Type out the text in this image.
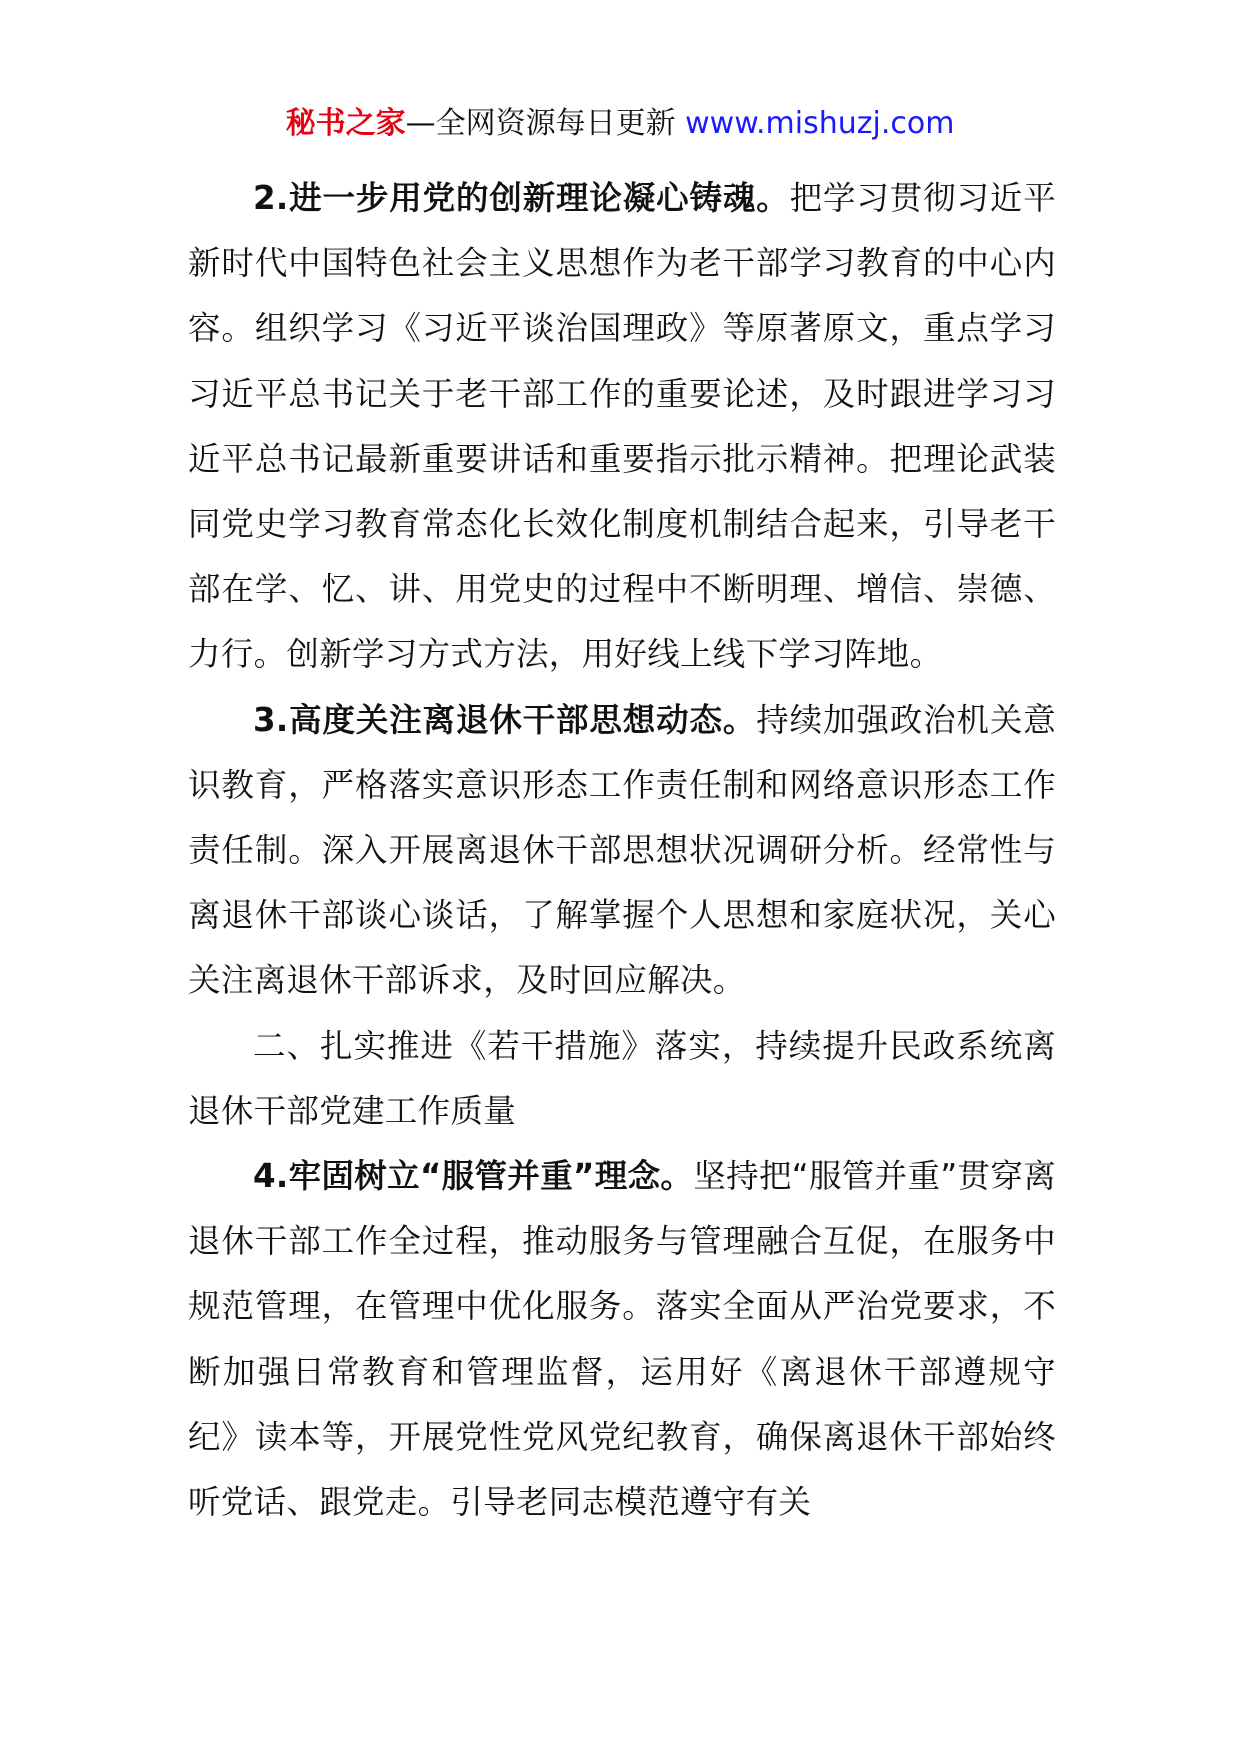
秘书之家—全网资源每日更新 www.mishuzj.com

2.进一步用党的创新理论凝心铸魂。把学习贯彻习近平新时代中国特色社会主义思想作为老干部学习教育的中心内容。组织学习《习近平谈治国理政》等原著原文，重点学习习近平总书记关于老干部工作的重要论述，及时跟进学习习近平总书记最新重要讲话和重要指示批示精神。把理论武装同党史学习教育常态化长效化制度机制结合起来，引导老干部在学、忆、讲、用党史的过程中不断明理、增信、崇德、力行。创新学习方式方法，用好线上线下学习阵地。

3.高度关注离退休干部思想动态。持续加强政治机关意识教育，严格落实意识形态工作责任制和网络意识形态工作责任制。深入开展离退休干部思想状况调研分析。经常性与离退休干部谈心谈话，了解掌握个人思想和家庭状况，关心关注离退休干部诉求，及时回应解决。

二、扎实推进《若干措施》落实，持续提升民政系统离退休干部党建工作质量

4.牢固树立“服管并重”理念。坚持把“服管并重”贯穿离退休干部工作全过程，推动服务与管理融合互促，在服务中规范管理，在管理中优化服务。落实全面从严治党要求，不断加强日常教育和管理监督，运用好《离退休干部遵规守纪》读本等，开展党性党风党纪教育，确保离退休干部始终听党话、跟党走。引导老同志模范遵守有关
